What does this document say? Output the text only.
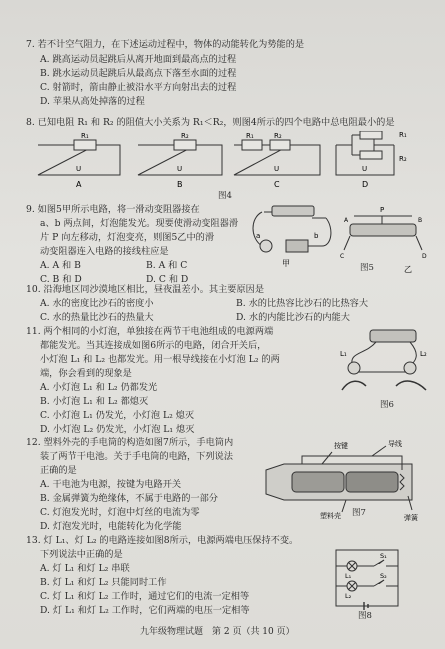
7. 若不计空气阻力，在下述运动过程中，物体的动能转化为势能的是
A. 跳高运动员起跳后从离开地面到最高点的过程
B. 跳水运动员起跳后从最高点下落至水面的过程
C. 射箭时，箭由静止被沿水平方向射出去的过程
D. 苹果从高处掉落的过程
8. 已知电阻 R₁ 和 R₂ 的阻值大小关系为 R₁＜R₂，则图4所示的四个电路中总电阻最小的是
R₁	R₂	R₁	R₂	R₁
R₂
U	U	U	U
A	B	C	D
图4
9. 如图5甲所示电路，将一滑动变阻器接在
a、b 两点间，灯泡能发光。现要使滑动变阻器滑
片 P 向左移动，灯泡变亮，则图5乙中的滑
动变阻器连入电路的接线柱应是
A. A 和 B	B. A 和 C
C. B 和 D	D. C 和 D
a	b
甲
乙
P
A	B
C	D
图5
10. 沿海地区同沙漠地区相比，昼夜温差小。其主要原因是
A. 水的密度比沙石的密度小	B. 水的比热容比沙石的比热容大
C. 水的热量比沙石的热量大	D. 水的内能比沙石的内能大
11. 两个相同的小灯泡，单独接在两节干电池组成的电源两端
都能发光。当其连接成如图6所示的电路，闭合开关后，
小灯泡 L₁ 和 L₂ 也都发光。用一根导线接在小灯泡 L₂ 的两
端，你会看到的现象是
A. 小灯泡 L₁ 和 L₂ 仍都发光
B. 小灯泡 L₁ 和 L₂ 都熄灭
C. 小灯泡 L₁ 仍发光，小灯泡 L₂ 熄灭
D. 小灯泡 L₂ 仍发光，小灯泡 L₁ 熄灭
L₁	L₂
图6
12. 塑料外壳的手电筒的构造如图7所示，手电筒内
装了两节干电池。关于手电筒的电路，下列说法
正确的是
A. 干电池为电源，按键为电路开关
B. 金属弹簧为绝缘体，不属于电路的一部分
C. 灯泡发光时，灯泡中灯丝的电流为零
D. 灯泡发光时，电能转化为化学能
按键	导线
塑料壳	弹簧
图7
13. 灯 L₁、灯 L₂ 的电路连接如图8所示，电源两端电压保持不变。
下列说法中正确的是
A. 灯 L₁ 和灯 L₂ 串联
B. 灯 L₁ 和灯 L₂ 只能同时工作
C. 灯 L₁ 和灯 L₂ 工作时，通过它们的电流一定相等
D. 灯 L₁ 和灯 L₂ 工作时，它们两端的电压一定相等
L₁
L₂
S₁
S₂
图8
九年级物理试题　第 2 页（共 10 页）
